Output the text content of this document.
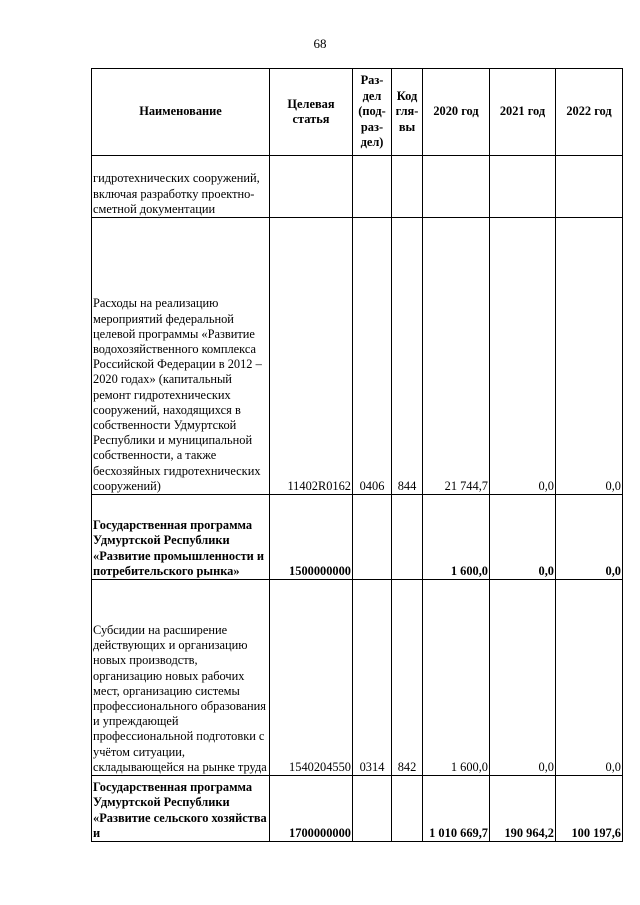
68
Наименование	Целевая статья	Раз- дел (под- раз- дел)	Код гля- вы	2020 год	2021 год	2022 год
гидротехнических сооружений, включая разработку проектно-сметной документации						
Расходы на реализацию мероприятий федеральной целевой программы «Развитие водохозяйственного комплекса Российской Федерации в 2012 – 2020 годах» (капитальный ремонт гидротехнических сооружений, находящихся в собственности Удмуртской Республики и муниципальной собственности, а также бесхозяйных гидротехнических сооружений)	11402R0162	0406	844	21 744,7	0,0	0,0
Государственная программа Удмуртской Республики «Развитие промышленности и потребительского рынка»	1500000000			1 600,0	0,0	0,0
Субсидии на расширение действующих и организацию новых производств, организацию новых рабочих мест, организацию системы профессионального образования и упреждающей профессиональной подготовки с учётом ситуации, складывающейся на рынке труда	1540204550	0314	842	1 600,0	0,0	0,0
Государственная программа Удмуртской Республики «Развитие сельского хозяйства и	1700000000			1 010 669,7	190 964,2	100 197,6
